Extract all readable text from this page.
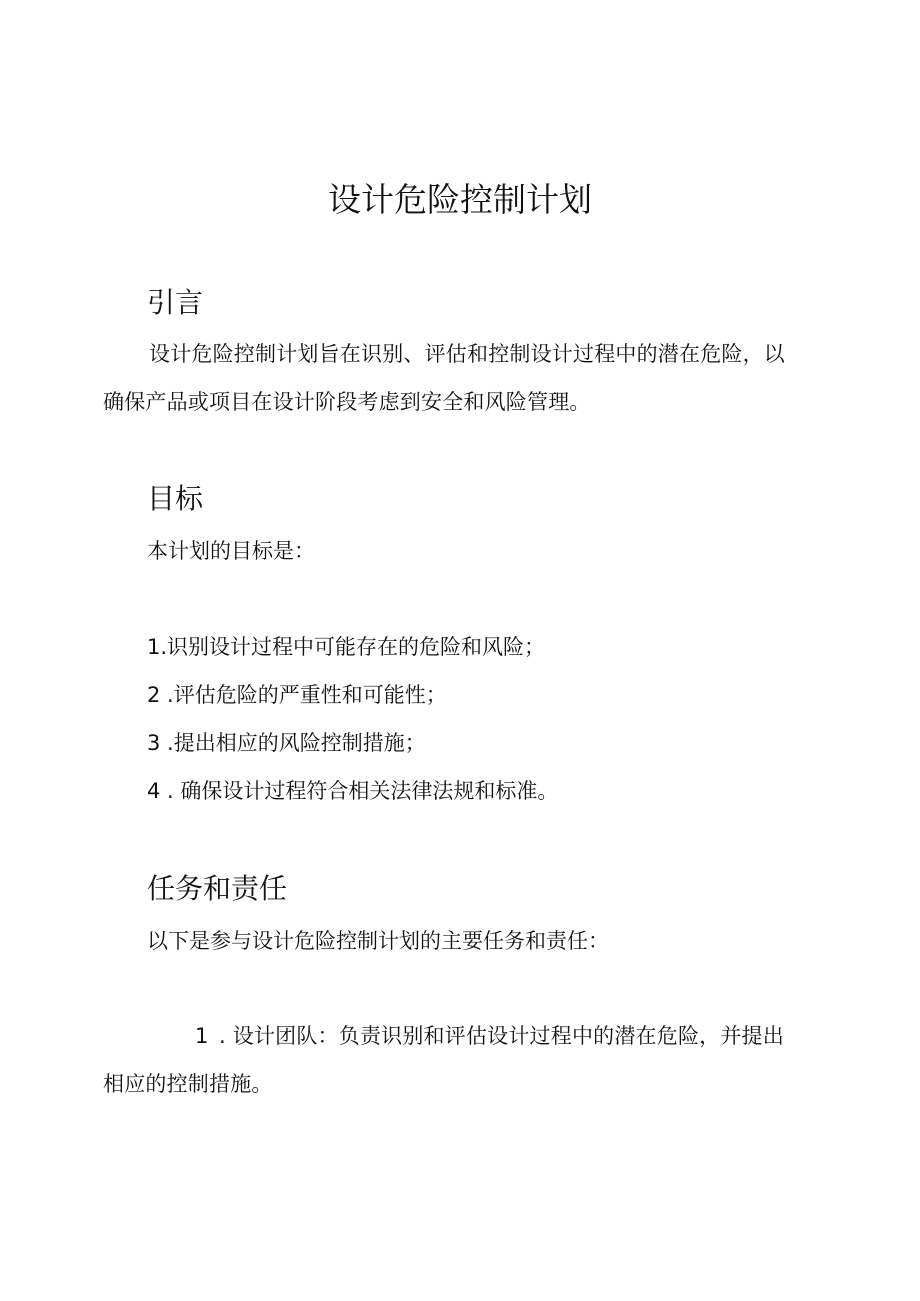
设计危险控制计划
引言

设计危险控制计划旨在识别、评估和控制设计过程中的潜在危险，以确保产品或项目在设计阶段考虑到安全和风险管理。

目标

本计划的目标是：

1.识别设计过程中可能存在的危险和风险；

2 .评估危险的严重性和可能性；

3 .提出相应的风险控制措施；

4 . 确保设计过程符合相关法律法规和标准。

任务和责任

以下是参与设计危险控制计划的主要任务和责任：

1 . 设计团队：负责识别和评估设计过程中的潜在危险，并提出相应的控制措施。
